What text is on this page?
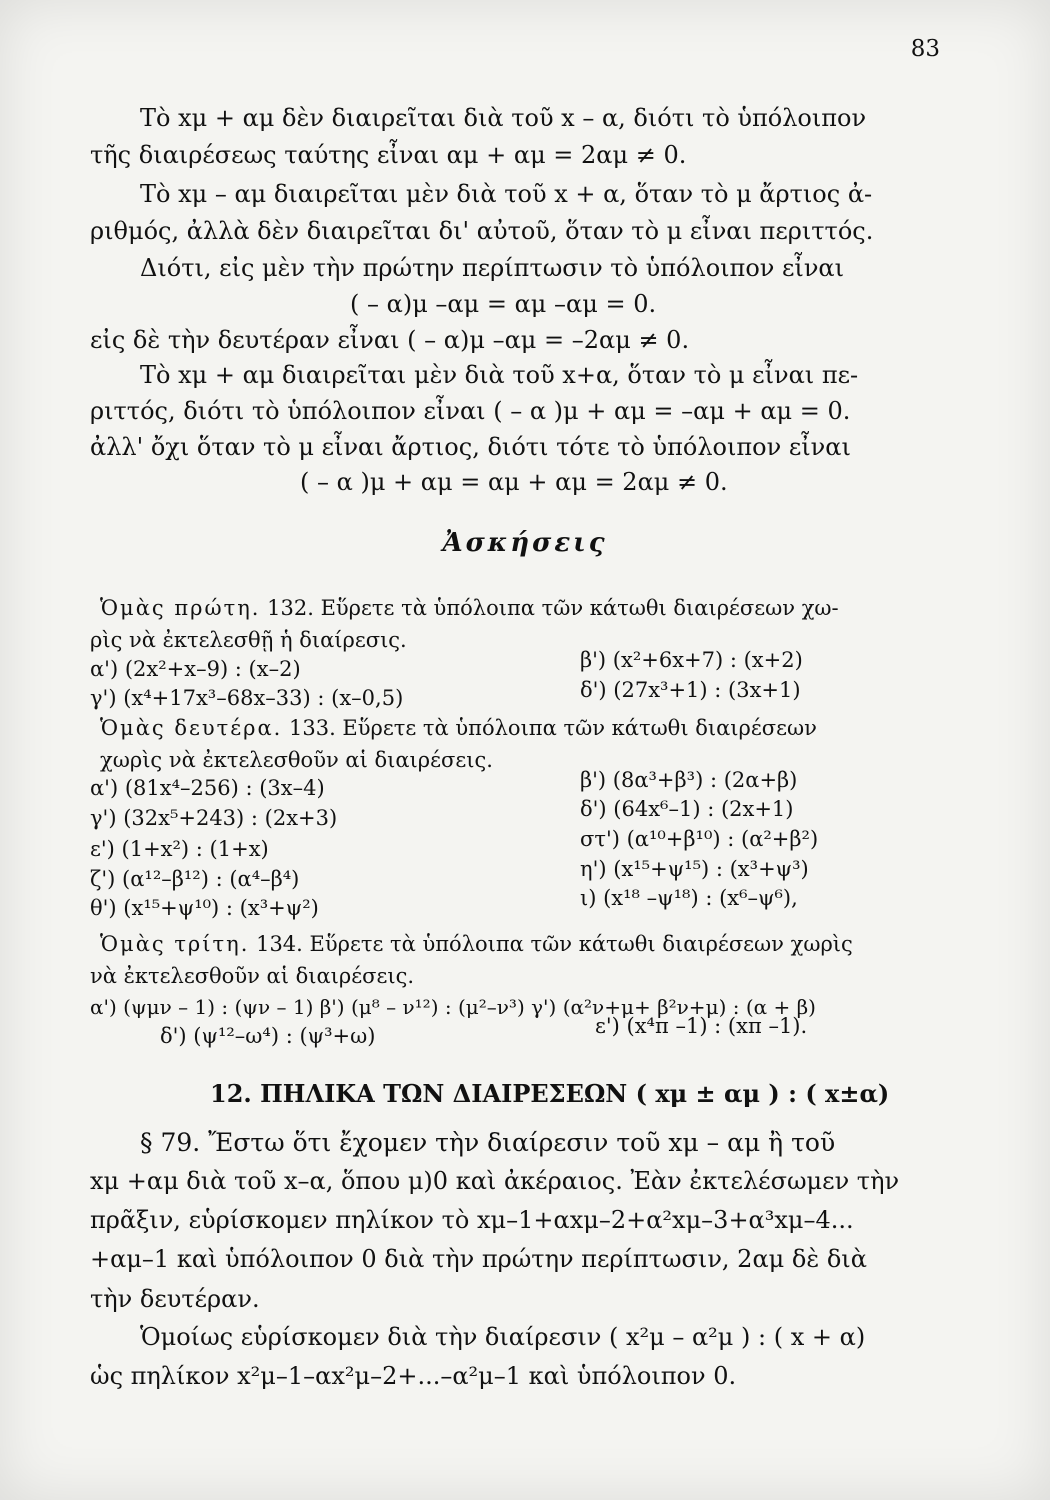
83
Τὸ xμ + αμ δὲν διαιρεῖται διὰ τοῦ x – α, διότι τὸ ὑπόλοιπον
τῆς διαιρέσεως ταύτης εἶναι αμ + αμ = 2αμ ≠ 0.
Τὸ xμ – αμ διαιρεῖται μὲν διὰ τοῦ x + α, ὅταν τὸ μ ἄρτιος ἀ-
ριθμός, ἀλλὰ δὲν διαιρεῖται δι' αὐτοῦ, ὅταν τὸ μ εἶναι περιττός.
Διότι, εἰς μὲν τὴν πρώτην περίπτωσιν τὸ ὑπόλοιπον εἶναι
( – α)μ –αμ = αμ –αμ = 0.
εἰς δὲ τὴν δευτέραν εἶναι ( – α)μ –αμ = –2αμ ≠ 0.
Τὸ xμ + αμ διαιρεῖται μὲν διὰ τοῦ x+α, ὅταν τὸ μ εἶναι πε-
ριττός, διότι τὸ ὑπόλοιπον εἶναι ( – α )μ + αμ = –αμ + αμ = 0.
ἀλλ' ὄχι ὅταν τὸ μ εἶναι ἄρτιος, διότι τότε τὸ ὑπόλοιπον εἶναι
( – α )μ + αμ = αμ + αμ = 2αμ ≠ 0.
Ἀσκήσεις
Ὁμὰς πρώτη. 132. Εὕρετε τὰ ὑπόλοιπα τῶν κάτωθι διαιρέσεων χω-
ρὶς νὰ ἐκτελεσθῇ ἡ διαίρεσις.
α') (2x²+x–9) : (x–2)	β') (x²+6x+7) : (x+2)
γ') (x⁴+17x³–68x–33) : (x–0,5)	δ') (27x³+1) : (3x+1)
Ὁμὰς δευτέρα. 133. Εὕρετε τὰ ὑπόλοιπα τῶν κάτωθι διαιρέσεων
χωρὶς νὰ ἐκτελεσθοῦν αἱ διαιρέσεις.
α') (81x⁴–256) : (3x–4)	β') (8α³+β³) : (2α+β)
γ') (32x⁵+243) : (2x+3)	δ') (64x⁶–1) : (2x+1)
ε') (1+x²) : (1+x)	στ') (α¹⁰+β¹⁰) : (α²+β²)
ζ') (α¹²–β¹²) : (α⁴–β⁴)	η') (x¹⁵+ψ¹⁵) : (x³+ψ³)
θ') (x¹⁵+ψ¹⁰) : (x³+ψ²)	ι) (x¹⁸ –ψ¹⁸) : (x⁶–ψ⁶),
Ὁμὰς τρίτη. 134. Εὕρετε τὰ ὑπόλοιπα τῶν κάτωθι διαιρέσεων χωρὶς
νὰ ἐκτελεσθοῦν αἱ διαιρέσεις.
α') (ψμν – 1) : (ψν – 1) β') (μ⁸ – ν¹²) : (μ²–ν³) γ') (α²ν+μ+ β²ν+μ) : (α + β)
δ') (ψ¹²–ω⁴) : (ψ³+ω)	ε') (x⁴π –1) : (xπ –1).
12. ΠΗΛΙΚΑ ΤΩΝ ΔΙΑΙΡΕΣΕΩΝ ( xμ ± αμ ) : ( x±α)
§ 79. Ἔστω ὅτι ἔχομεν τὴν διαίρεσιν τοῦ xμ – αμ ἢ τοῦ
xμ +αμ διὰ τοῦ x–α, ὅπου μ)0 καὶ ἀκέραιος. Ἐὰν ἐκτελέσωμεν τὴν
πρᾶξιν, εὑρίσκομεν πηλίκον τὸ xμ–1+αxμ–2+α²xμ–3+α³xμ–4...
+αμ–1 καὶ ὑπόλοιπον 0 διὰ τὴν πρώτην περίπτωσιν, 2αμ δὲ διὰ
τὴν δευτέραν.
Ὁμοίως εὑρίσκομεν διὰ τὴν διαίρεσιν ( x²μ – α²μ ) : ( x + α)
ὡς πηλίκον x²μ–1–αx²μ–2+...–α²μ–1 καὶ ὑπόλοιπον 0.
